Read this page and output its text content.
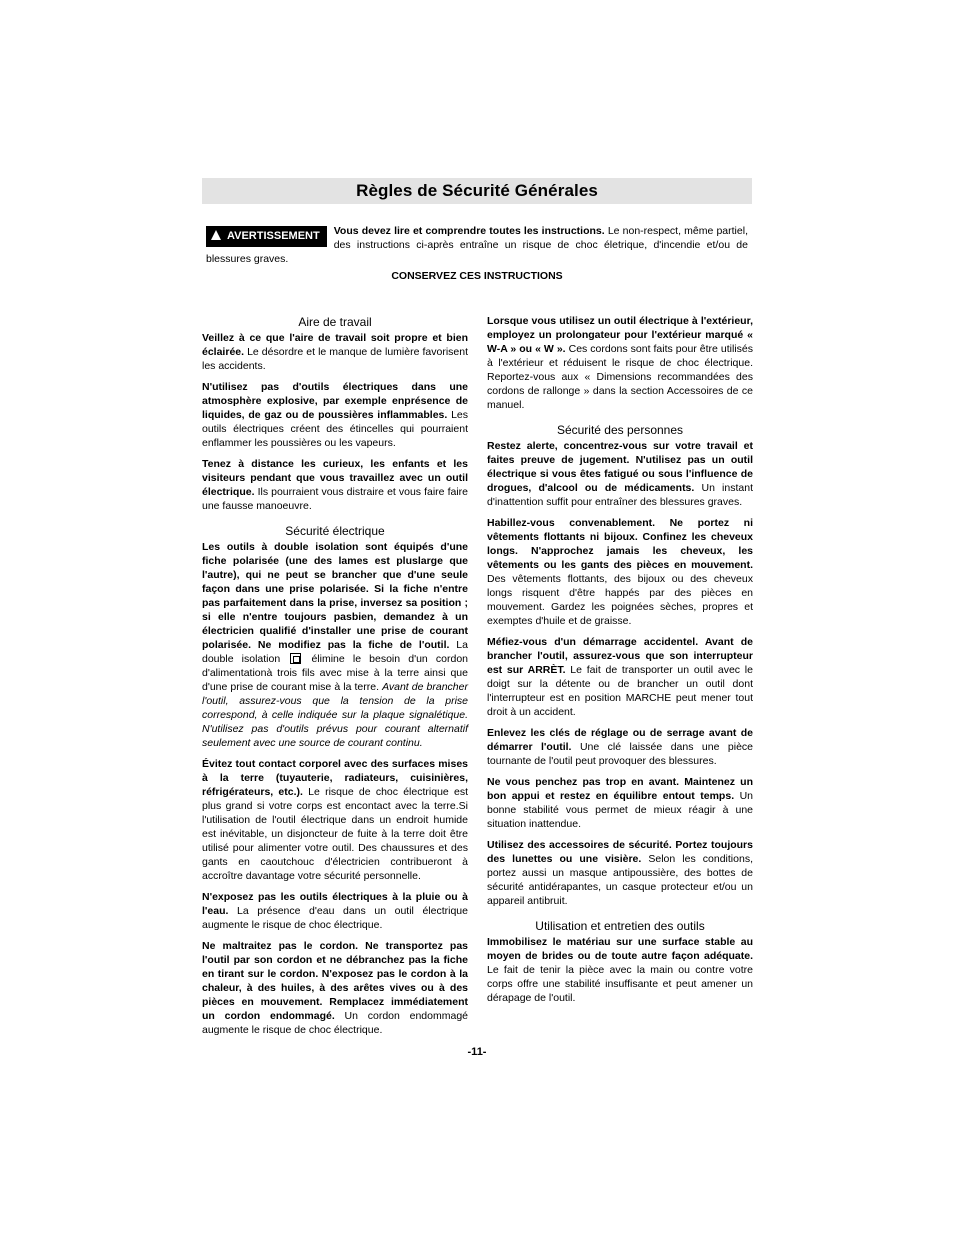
Règles de Sécurité Générales
AVERTISSEMENT	Vous devez lire et comprendre toutes les instructions. Le non-respect, même partiel, des instructions ci-après entraîne un risque de choc életrique, d'incendie et/ou de blessures graves.
CONSERVEZ CES INSTRUCTIONS
Aire de travail

Veillez à ce que l'aire de travail soit propre et bien éclairée. Le désordre et le manque de lumière favorisent les accidents.

N'utilisez pas d'outils électriques dans une atmosphère explosive, par exemple enprésence de liquides, de gaz ou de poussières inflammables. Les outils électriques créent des étincelles qui pourraient enflammer les poussières ou les vapeurs.

Tenez à distance les curieux, les enfants et les visiteurs pendant que vous travaillez avec un outil électrique. Ils pourraient vous distraire et vous faire faire une fausse manoeuvre.

Sécurité électrique

Les outils à double isolation sont équipés d'une fiche polarisée (une des lames est pluslarge que l'autre), qui ne peut se brancher que d'une seule façon dans une prise polarisée. Si la fiche n'entre pas parfaitement dans la prise, inversez sa position ; si elle n'entre toujours pasbien, demandez à un électricien qualifié d'installer une prise de courant polarisée. Ne modifiez pas la fiche de l'outil. La double isolation  élimine le besoin d'un cordon d'alimentationà trois fils avec mise à la terre ainsi que d'une prise de courant mise à la terre. Avant de brancher l'outil, assurez-vous que la tension de la prise correspond, à celle indiquée sur la plaque signalétique. N'utilisez pas d'outils prévus pour courant alternatif seulement avec une source de courant continu.

Évitez tout contact corporel avec des surfaces mises à la terre (tuyauterie, radiateurs, cuisinières, réfrigérateurs, etc.). Le risque de choc électrique est plus grand si votre corps est encontact avec la terre.Si l'utilisation de l'outil électrique dans un endroit humide est inévitable, un disjoncteur de fuite à la terre doit être utilisé pour alimenter votre outil. Des chaussures et des gants en caoutchouc d'électricien contribueront à accroître davantage votre sécurité personnelle.

N'exposez pas les outils électriques à la pluie ou à l'eau. La présence d'eau dans un outil électrique augmente le risque de choc électrique.

Ne maltraitez pas le cordon. Ne transportez pas l'outil par son cordon et ne débranchez pas la fiche en tirant sur le cordon. N'exposez pas le cordon à la chaleur, à des huiles, à des arêtes vives ou à des pièces en mouvement. Remplacez immédiatement un cordon endommagé. Un cordon endommagé augmente le risque de choc électrique.

Lorsque vous utilisez un outil électrique à l'extérieur, employez un prolongateur pour l'extérieur marqué « W-A » ou « W ». Ces cordons sont faits pour être utilisés à l'extérieur et réduisent le risque de choc électrique. Reportez-vous aux « Dimensions recommandées des cordons de rallonge » dans la section Accessoires de ce manuel.

Sécurité des personnes

Restez alerte, concentrez-vous sur votre travail et faites preuve de jugement. N'utilisez pas un outil électrique si vous êtes fatigué ou sous l'influence de drogues, d'alcool ou de médicaments. Un instant d'inattention suffit pour entraîner des blessures graves.

Habillez-vous convenablement. Ne portez ni vêtements flottants ni bijoux. Confinez les cheveux longs. N'approchez jamais les cheveux, les vêtements ou les gants des pièces en mouvement. Des vêtements flottants, des bijoux ou des cheveux longs risquent d'être happés par des pièces en mouvement. Gardez les poignées sèches, propres et exemptes d'huile et de graisse.

Méfiez-vous d'un démarrage accidentel. Avant de brancher l'outil, assurez-vous que son interrupteur est sur ARRÈT. Le fait de transporter un outil avec le doigt sur la détente ou de brancher un outil dont l'interrupteur est en position MARCHE peut mener tout droit à un accident.

Enlevez les clés de réglage ou de serrage avant de démarrer l'outil. Une clé laissée dans une pièce tournante de l'outil peut provoquer des blessures.

Ne vous penchez pas trop en avant. Maintenez un bon appui et restez en équilibre entout temps. Un bonne stabilité vous permet de mieux réagir à une situation inattendue.

Utilisez des accessoires de sécurité. Portez toujours des lunettes ou une visière. Selon les conditions, portez aussi un masque antipoussière, des bottes de sécurité antidérapantes, un casque protecteur et/ou un appareil antibruit.

Utilisation et entretien des outils

Immobilisez le matériau sur une surface stable au moyen de brides ou de toute autre façon adéquate. Le fait de tenir la pièce avec la main ou contre votre corps offre une stabilité insuffisante et peut amener un dérapage de l'outil.

-11-
